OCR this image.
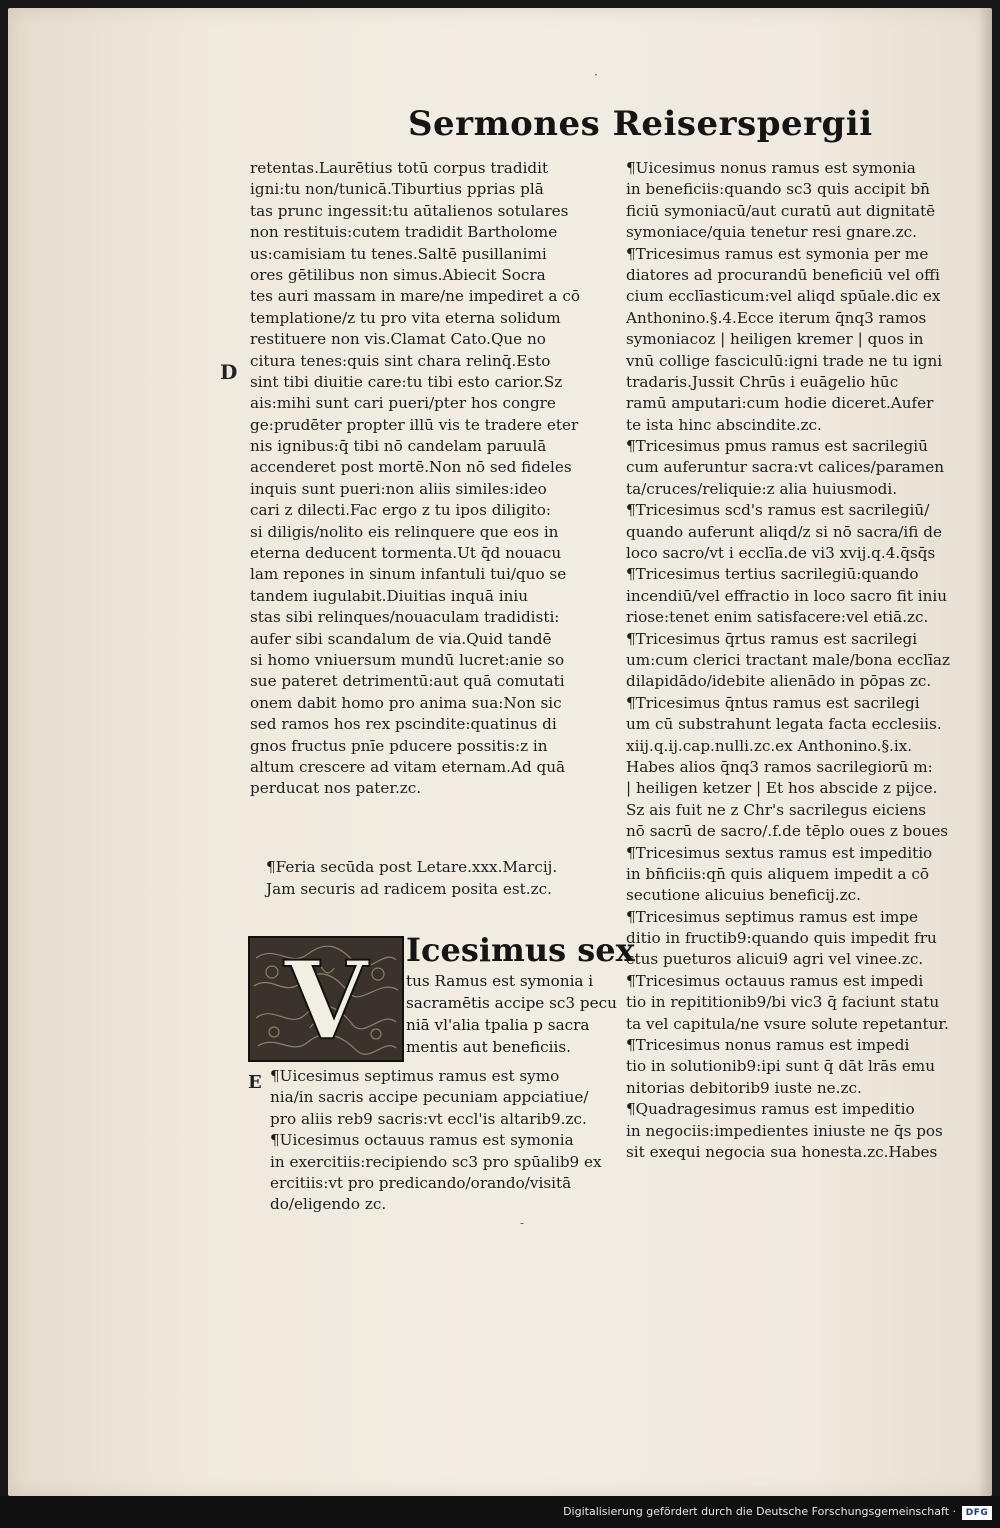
Sermones Reiserspergii
·
-
D
E
retentas.Laurētius totū corpus tradidit
igni:tu non/tunicā.Tiburtius pprias plā
tas prunc ingessit:tu aūtalienos sotulares
non restituis:cutem tradidit Bartholome
us:camisiam tu tenes.Saltē pusillanimi
ores gētilibus non simus.Abiecit Socra
tes auri massam in mare/ne impediret a cō
templatione/z tu pro vita eterna solidum
restituere non vis.Clamat Cato.Que no
citura tenes:quis sint chara relinq̄.Esto
sint tibi diuitie care:tu tibi esto carior.Sz
ais:mihi sunt cari pueri/pter hos congre
ge:prudēter propter illū vis te tradere eter
nis ignibus:q̄ tibi nō candelam paruulā
accenderet post mortē.Non nō sed fideles
inquis sunt pueri:non aliis similes:ideo
cari z dilecti.Fac ergo z tu ipos diligito:
si diligis/nolito eis relinquere que eos in
eterna deducent tormenta.Ut q̄d nouacu
lam repones in sinum infantuli tui/quo se
tandem iugulabit.Diuitias inquā iniu
stas sibi relinques/nouaculam tradidisti:
aufer sibi scandalum de via.Quid tandē
si homo vniuersum mundū lucret:anie so
sue pateret detrimentū:aut quā comutati
onem dabit homo pro anima sua:Non sic
sed ramos hos rex pscindite:quatinus di
gnos fructus pnīe pducere possitis:z in
altum crescere ad vitam eternam.Ad quā
perducat nos pater.zc.
¶Feria secūda post Letare.xxx.Marcij.
Jam securis ad radicem posita est.zc.
V Icesimus sex
tus Ramus est symonia i
sacramētis accipe sc3 pecu
niā vl'alia tpalia p sacra
mentis aut beneficiis.
¶Uicesimus septimus ramus est symo
nia/in sacris accipe pecuniam appciatiue/
pro aliis reb9 sacris:vt eccl'is altarib9.zc.
¶Uicesimus octauus ramus est symonia
in exercitiis:recipiendo sc3 pro spūalib9 ex
ercitiis:vt pro predicando/orando/visitā
do/eligendo zc.
¶Uicesimus nonus ramus est symonia
in beneficiis:quando sc3 quis accipit bn̄
ficiū symoniacū/aut curatū aut dignitatē
symoniace/quia tenetur resi gnare.zc.
¶Tricesimus ramus est symonia per me
diatores ad procurandū beneficiū vel offi
cium ecclīasticum:vel aliqd spūale.dic ex
Anthonino.§.4.Ecce iterum q̄nq3 ramos
symoniacoz | heiligen kremer | quos in
vnū collige fasciculū:igni trade ne tu igni
tradaris.Jussit Chrūs i euāgelio hūc
ramū amputari:cum hodie diceret.Aufer
te ista hinc abscindite.zc.
¶Tricesimus pmus ramus est sacrilegiū
cum auferuntur sacra:vt calices/paramen
ta/cruces/reliquie:z alia huiusmodi.
¶Tricesimus scd's ramus est sacrilegiū/
quando auferunt aliqd/z si nō sacra/ifi de
loco sacro/vt i ecclīa.de vi3 xvij.q.4.q̄sq̄s
¶Tricesimus tertius sacrilegiū:quando
incendiū/vel effractio in loco sacro fit iniu
riose:tenet enim satisfacere:vel etiā.zc.
¶Tricesimus q̄rtus ramus est sacrilegi
um:cum clerici tractant male/bona ecclīaz
dilapidādo/idebite alienādo in pōpas zc.
¶Tricesimus q̄ntus ramus est sacrilegi
um cū substrahunt legata facta ecclesiis.
xiij.q.ij.cap.nulli.zc.ex Anthonino.§.ix.
Habes alios q̄nq3 ramos sacrilegiorū m:
| heiligen ketzer | Et hos abscide z pijce.
Sz ais fuit ne z Chr's sacrilegus eiciens
nō sacrū de sacro/.f.de tēplo oues z boues
¶Tricesimus sextus ramus est impeditio
in bn̄ficiis:qn̄ quis aliquem impedit a cō
secutione alicuius beneficij.zc.
¶Tricesimus septimus ramus est impe
ditio in fructib9:quando quis impedit fru
ctus pueturos alicui9 agri vel vinee.zc.
¶Tricesimus octauus ramus est impedi
tio in repititionib9/bi vic3 q̄ faciunt statu
ta vel capitula/ne vsure solute repetantur.
¶Tricesimus nonus ramus est impedi
tio in solutionib9:ipi sunt q̄ dāt lrās emu
nitorias debitorib9 iuste ne.zc.
¶Quadragesimus ramus est impeditio
in negociis:impedientes iniuste ne q̄s pos
sit exequi negocia sua honesta.zc.Habes
Digitalisierung gefördert durch die Deutsche Forschungsgemeinschaft ·	DFG
